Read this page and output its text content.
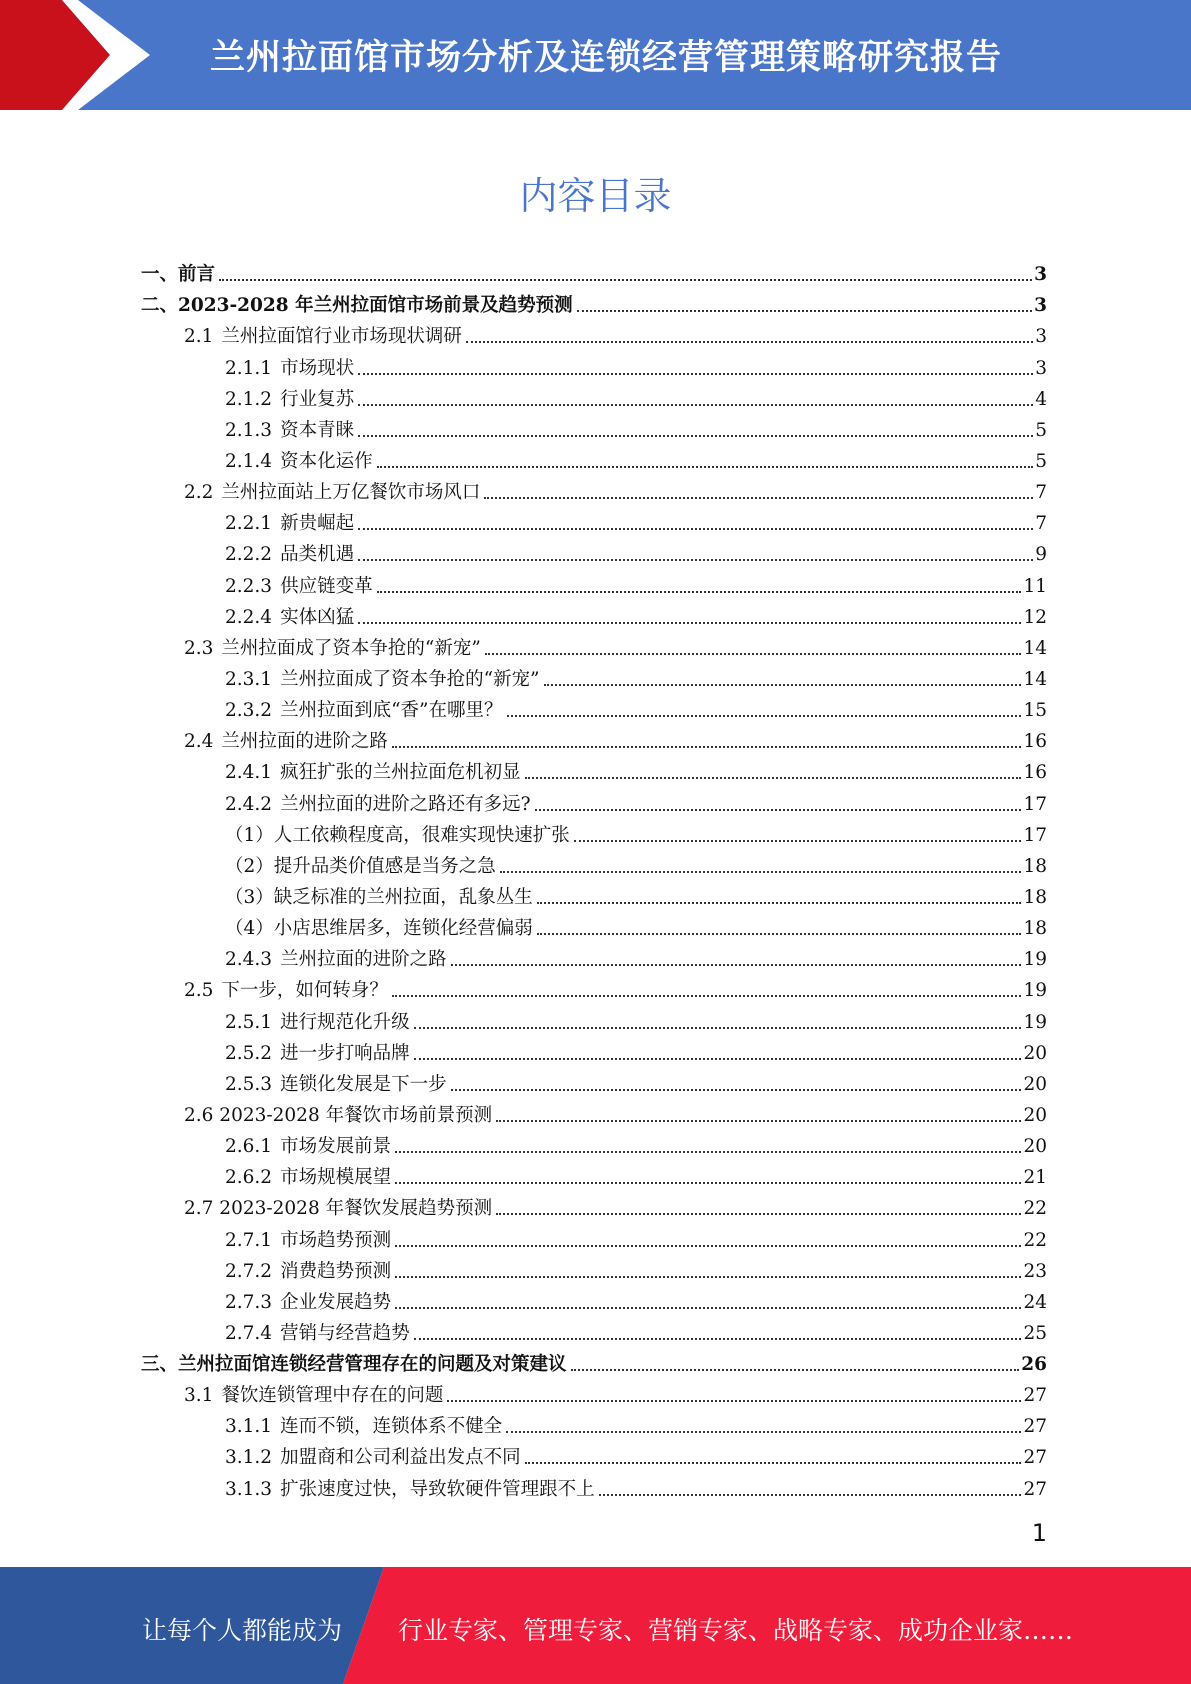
兰州拉面馆市场分析及连锁经营管理策略研究报告
内容目录
一、前言	3
二、2023-2028 年兰州拉面馆市场前景及趋势预测	3
2.1 兰州拉面馆行业市场现状调研	3
2.1.1 市场现状	3
2.1.2 行业复苏	4
2.1.3 资本青睐	5
2.1.4 资本化运作	5
2.2 兰州拉面站上万亿餐饮市场风口	7
2.2.1 新贵崛起	7
2.2.2 品类机遇	9
2.2.3 供应链变革	11
2.2.4 实体凶猛	12
2.3 兰州拉面成了资本争抢的“新宠”	14
2.3.1 兰州拉面成了资本争抢的“新宠”	14
2.3.2 兰州拉面到底“香”在哪里？	15
2.4 兰州拉面的进阶之路	16
2.4.1 疯狂扩张的兰州拉面危机初显	16
2.4.2 兰州拉面的进阶之路还有多远?	17
（1）人工依赖程度高，很难实现快速扩张	17
（2）提升品类价值感是当务之急	18
（3）缺乏标准的兰州拉面，乱象丛生	18
（4）小店思维居多，连锁化经营偏弱	18
2.4.3 兰州拉面的进阶之路	19
2.5 下一步，如何转身？	19
2.5.1 进行规范化升级	19
2.5.2 进一步打响品牌	20
2.5.3 连锁化发展是下一步	20
2.6 2023-2028 年餐饮市场前景预测	20
2.6.1 市场发展前景	20
2.6.2 市场规模展望	21
2.7 2023-2028 年餐饮发展趋势预测	22
2.7.1 市场趋势预测	22
2.7.2 消费趋势预测	23
2.7.3 企业发展趋势	24
2.7.4 营销与经营趋势	25
三、兰州拉面馆连锁经营管理存在的问题及对策建议	26
3.1 餐饮连锁管理中存在的问题	27
3.1.1 连而不锁，连锁体系不健全	27
3.1.2 加盟商和公司利益出发点不同	27
3.1.3 扩张速度过快，导致软硬件管理跟不上	27
1
让每个人都能成为 行业专家、管理专家、营销专家、战略专家、成功企业家……
